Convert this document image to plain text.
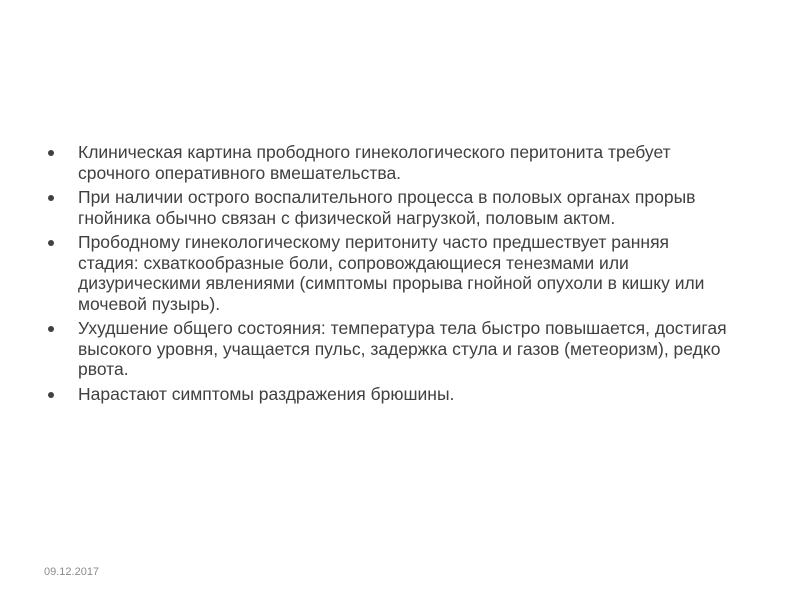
Клиническая картина прободного гинекологического перитонита требует срочного оперативного вмешательства.
При наличии острого воспалительного процесса в половых органах прорыв гнойника обычно связан с физической нагрузкой, половым актом.
Прободному гинекологическому перитониту часто предшествует ранняя стадия: схваткообразные боли, сопровождающиеся тенезмами или дизурическими явлениями (симптомы прорыва гнойной опухоли в кишку или мочевой пузырь).
Ухудшение общего состояния: температура тела быстро повышается, достигая высокого уровня, учащается пульс, задержка стула и газов (метеоризм), редко рвота.
Нарастают симптомы раздражения брюшины.
09.12.2017
